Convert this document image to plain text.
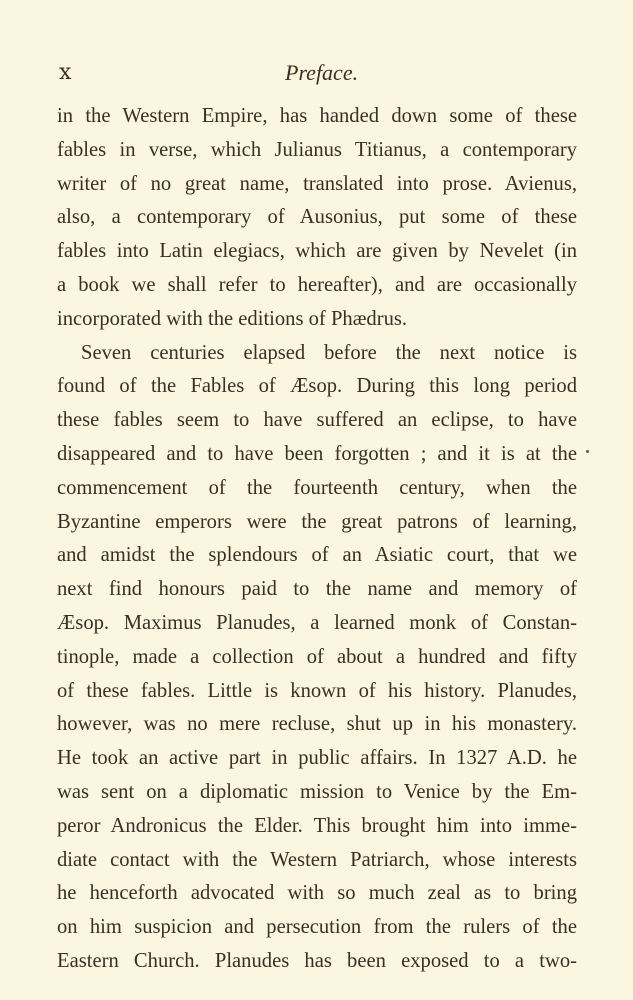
x	Preface.
in the Western Empire, has handed down some of these
fables in verse, which Julianus Titianus, a contemporary
writer of no great name, translated into prose. Avienus,
also, a contemporary of Ausonius, put some of these
fables into Latin elegiacs, which are given by Nevelet (in
a book we shall refer to hereafter), and are occasionally
incorporated with the editions of Phædrus.
Seven centuries elapsed before the next notice is
found of the Fables of Æsop. During this long period
these fables seem to have suffered an eclipse, to have
disappeared and to have been forgotten ; and it is at the
commencement of the fourteenth century, when the
Byzantine emperors were the great patrons of learning,
and amidst the splendours of an Asiatic court, that we
next find honours paid to the name and memory of
Æsop. Maximus Planudes, a learned monk of Constan-
tinople, made a collection of about a hundred and fifty
of these fables. Little is known of his history. Planudes,
however, was no mere recluse, shut up in his monastery.
He took an active part in public affairs. In 1327 A.D. he
was sent on a diplomatic mission to Venice by the Em-
peror Andronicus the Elder. This brought him into imme-
diate contact with the Western Patriarch, whose interests
he henceforth advocated with so much zeal as to bring
on him suspicion and persecution from the rulers of the
Eastern Church. Planudes has been exposed to a two-
